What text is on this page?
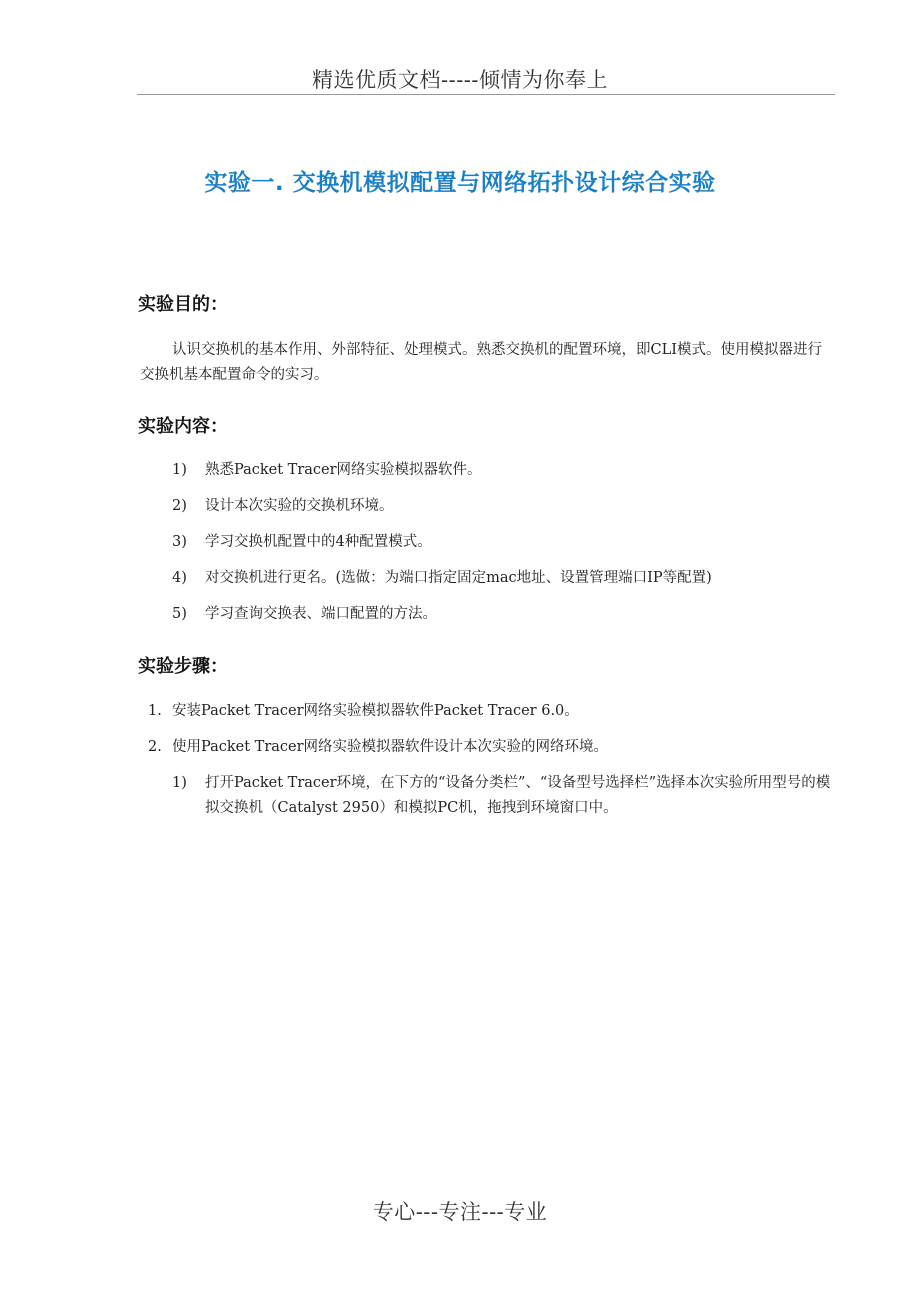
精选优质文档-----倾情为你奉上
实验一. 交换机模拟配置与网络拓扑设计综合实验
实验目的：
认识交换机的基本作用、外部特征、处理模式。熟悉交换机的配置环境，即CLI模式。使用模拟器进行交换机基本配置命令的实习。
实验内容：
1) 熟悉Packet Tracer网络实验模拟器软件。
2) 设计本次实验的交换机环境。
3) 学习交换机配置中的4种配置模式。
4) 对交换机进行更名。(选做：为端口指定固定mac地址、设置管理端口IP等配置)
5) 学习查询交换表、端口配置的方法。
实验步骤：
1. 安装Packet Tracer网络实验模拟器软件Packet Tracer 6.0。
2. 使用Packet Tracer网络实验模拟器软件设计本次实验的网络环境。
1) 打开Packet Tracer环境，在下方的“设备分类栏”、“设备型号选择栏”选择本次实验所用型号的模拟交换机（Catalyst 2950）和模拟PC机，拖拽到环境窗口中。
专心---专注---专业
